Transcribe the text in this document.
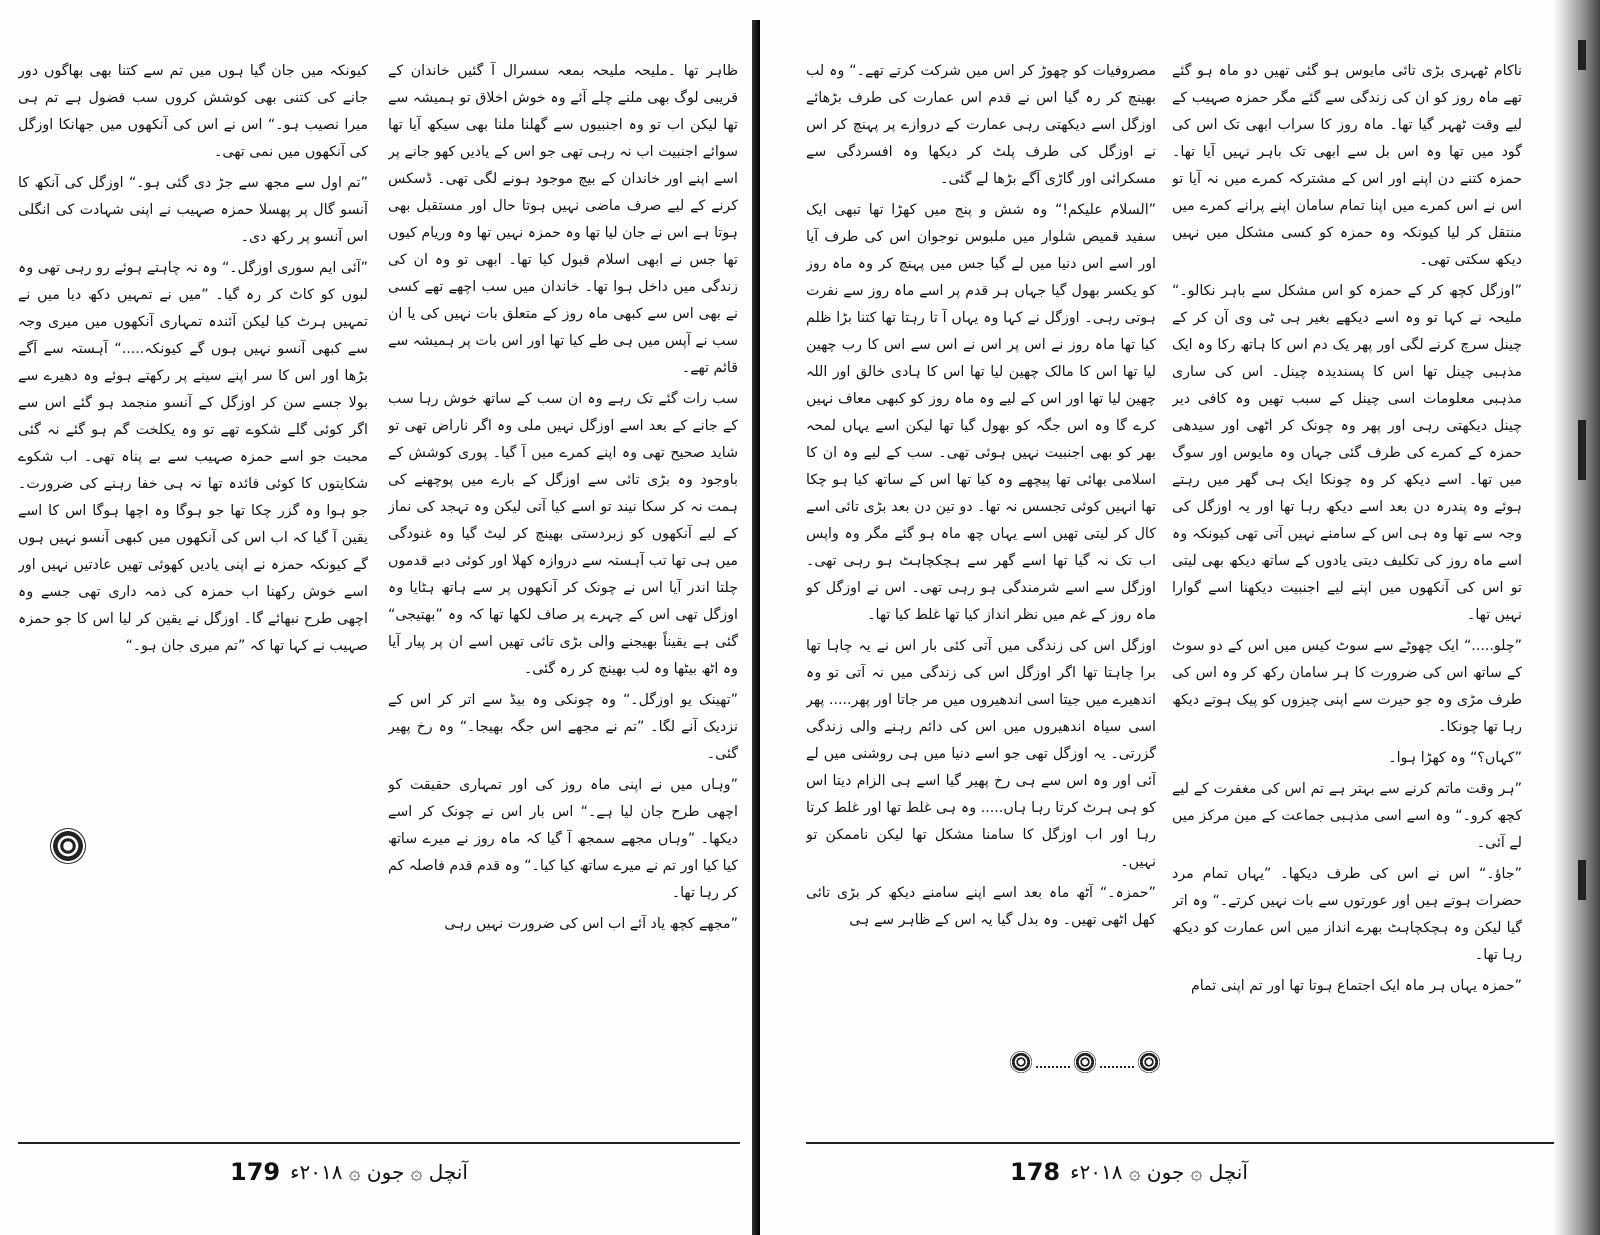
ظاہر تھا ۔ملیحہ ملیحہ بمعہ سسرال آ گئیں خاندان کے قریبی لوگ بھی ملنے چلے آئے وہ خوش اخلاق تو ہمیشہ سے تھا لیکن اب تو وہ اجنبیوں سے گھلنا ملنا بھی سیکھ آیا تھا سوائے اجنبیت اب نہ رہی تھی جو اس کے یادیں کھو جانے پر اسے اپنے اور خاندان کے بیچ موجود ہونے لگی تھی۔ ڈسکس کرنے کے لیے صرف ماضی نہیں ہوتا حال اور مستقبل بھی ہوتا ہے اس نے جان لیا تھا وہ حمزہ نہیں تھا وہ وریام کیوں تھا جس نے ابھی اسلام قبول کیا تھا۔ ابھی تو وہ ان کی زندگی میں داخل ہوا تھا۔ خاندان میں سب اچھے تھے کسی نے بھی اس سے کبھی ماہ روز کے متعلق بات نہیں کی یا ان سب نے آپس میں ہی طے کیا تھا اور اس بات پر ہمیشہ سے قائم تھے۔

سب رات گئے تک رہے وہ ان سب کے ساتھ خوش رہا سب کے جانے کے بعد اسے اوزگل نہیں ملی وہ اگر ناراض تھی تو شاید صحیح تھی وہ اپنے کمرے میں آ گیا۔ پوری کوشش کے باوجود وہ بڑی تائی سے اوزگل کے بارے میں پوچھنے کی ہمت نہ کر سکا نیند تو اسے کیا آتی لیکن وہ تہجد کی نماز کے لیے آنکھوں کو زبردستی بھینچ کر لیٹ گیا وہ غنودگی میں ہی تھا تب آہستہ سے دروازہ کھلا اور کوئی دبے قدموں چلتا اندر آیا اس نے چونک کر آنکھوں پر سے ہاتھ ہٹایا وہ اوزگل تھی اس کے چہرے پر صاف لکھا تھا کہ وہ ”بھتیجی“ گئی ہے یقیناً بھیجنے والی بڑی تائی تھیں اسے ان پر پیار آیا وہ اٹھ بیٹھا وہ لب بھینچ کر رہ گئی۔

”تھینک یو اوزگل۔“ وہ چونکی وہ بیڈ سے اتر کر اس کے نزدیک آنے لگا۔ ”تم نے مجھے اس جگہ بھیجا۔“ وہ رخ پھیر گئی۔

”وہاں میں نے اپنی ماہ روز کی اور تمہاری حقیقت کو اچھی طرح جان لیا ہے۔“ اس بار اس نے چونک کر اسے دیکھا۔ ”وہاں مجھے سمجھ آ گیا کہ ماہ روز نے میرے ساتھ کیا کیا اور تم نے میرے ساتھ کیا کیا۔“ وہ قدم قدم فاصلہ کم کر رہا تھا۔

”مجھے کچھ یاد آئے اب اس کی ضرورت نہیں رہی

کیونکہ میں جان گیا ہوں میں تم سے کتنا بھی بھاگوں دور جانے کی کتنی بھی کوشش کروں سب فضول ہے تم ہی میرا نصیب ہو۔“ اس نے اس کی آنکھوں میں جھانکا اوزگل کی آنکھوں میں نمی تھی۔

”تم اول سے مجھ سے جڑ دی گئی ہو۔“ اوزگل کی آنکھ کا آنسو گال پر پھسلا حمزہ صہیب نے اپنی شہادت کی انگلی اس آنسو پر رکھ دی۔

”آئی ایم سوری اوزگل۔“ وہ نہ چاہتے ہوئے رو رہی تھی وہ لبوں کو کاٹ کر رہ گیا۔ ”میں نے تمہیں دکھ دیا میں نے تمہیں ہرٹ کیا لیکن آئندہ تمہاری آنکھوں میں میری وجہ سے کبھی آنسو نہیں ہوں گے کیونکہ.....“ آہستہ سے آگے بڑھا اور اس کا سر اپنے سینے پر رکھتے ہوئے وہ دھیرے سے بولا جسے سن کر اوزگل کے آنسو منجمد ہو گئے اس سے اگر کوئی گلے شکوے تھے تو وہ یکلخت گم ہو گئے نہ گئی محبت جو اسے حمزہ صہیب سے بے پناہ تھی۔ اب شکوے شکایتوں کا کوئی فائدہ تھا نہ ہی خفا رہنے کی ضرورت۔ جو ہوا وہ گزر چکا تھا جو ہوگا وہ اچھا ہوگا اس کا اسے یقین آ گیا کہ اب اس کی آنکھوں میں کبھی آنسو نہیں ہوں گے کیونکہ حمزہ نے اپنی یادیں کھوئی تھیں عادتیں نہیں اور اسے خوش رکھنا اب حمزہ کی ذمہ داری تھی جسے وہ اچھی طرح نبھائے گا۔ اوزگل نے یقین کر لیا اس کا جو حمزہ صہیب نے کہا تھا کہ ”تم میری جان ہو۔“

179 آنچل ۞ جون ۞ ۲۰۱۸ء

ناکام ٹھہری بڑی تائی مایوس ہو گئی تھیں دو ماہ ہو گئے تھے ماہ روز کو ان کی زندگی سے گئے مگر حمزہ صہیب کے لیے وقت ٹھہر گیا تھا۔ ماہ روز کا سراب ابھی تک اس کی گود میں تھا وہ اس بل سے ابھی تک باہر نہیں آیا تھا۔ حمزہ کتنے دن اپنے اور اس کے مشترکہ کمرے میں نہ آیا تو اس نے اس کمرے میں اپنا تمام سامان اپنے پرانے کمرے میں منتقل کر لیا کیونکہ وہ حمزہ کو کسی مشکل میں نہیں دیکھ سکتی تھی۔

”اوزگل کچھ کر کے حمزہ کو اس مشکل سے باہر نکالو۔“ ملیحہ نے کہا تو وہ اسے دیکھے بغیر ہی ٹی وی آن کر کے چینل سرچ کرنے لگی اور پھر یک دم اس کا ہاتھ رکا وہ ایک مذہبی چینل تھا اس کا پسندیدہ چینل۔ اس کی ساری مذہبی معلومات اسی چینل کے سبب تھیں وہ کافی دیر چینل دیکھتی رہی اور پھر وہ چونک کر اٹھی اور سیدھی حمزہ کے کمرے کی طرف گئی جہاں وہ مایوس اور سوگ میں تھا۔ اسے دیکھ کر وہ چونکا ایک ہی گھر میں رہتے ہوئے وہ پندرہ دن بعد اسے دیکھ رہا تھا اور یہ اوزگل کی وجہ سے تھا وہ ہی اس کے سامنے نہیں آتی تھی کیونکہ وہ اسے ماہ روز کی تکلیف دیتی یادوں کے ساتھ دیکھ بھی لیتی تو اس کی آنکھوں میں اپنے لیے اجنبیت دیکھنا اسے گوارا نہیں تھا۔

”چلو.....“ ایک چھوٹے سے سوٹ کیس میں اس کے دو سوٹ کے ساتھ اس کی ضرورت کا ہر سامان رکھ کر وہ اس کی طرف مڑی وہ جو حیرت سے اپنی چیزوں کو پیک ہوتے دیکھ رہا تھا چونکا۔

”کہاں؟“ وہ کھڑا ہوا۔

”ہر وقت ماتم کرنے سے بہتر ہے تم اس کی مغفرت کے لیے کچھ کرو۔“ وہ اسے اسی مذہبی جماعت کے مین مرکز میں لے آئی۔

”جاؤ۔“ اس نے اس کی طرف دیکھا۔ ”یہاں تمام مرد حضرات ہوتے ہیں اور عورتوں سے بات نہیں کرتے۔“ وہ اتر گیا لیکن وہ ہچکچاہٹ بھرے انداز میں اس عمارت کو دیکھ رہا تھا۔

”حمزہ یہاں ہر ماہ ایک اجتماع ہوتا تھا اور تم اپنی تمام

مصروفیات کو چھوڑ کر اس میں شرکت کرتے تھے۔“ وہ لب بھینچ کر رہ گیا اس نے قدم اس عمارت کی طرف بڑھائے اوزگل اسے دیکھتی رہی عمارت کے دروازے پر پہنچ کر اس نے اوزگل کی طرف پلٹ کر دیکھا وہ افسردگی سے مسکرائی اور گاڑی آگے بڑھا لے گئی۔

”السلام علیکم!“ وہ شش و پنج میں کھڑا تھا تبھی ایک سفید قمیص شلوار میں ملبوس نوجوان اس کی طرف آیا اور اسے اس دنیا میں لے گیا جس میں پہنچ کر وہ ماہ روز کو یکسر بھول گیا جہاں ہر قدم پر اسے ماہ روز سے نفرت ہوتی رہی۔ اوزگل نے کہا وہ یہاں آ تا رہتا تھا کتنا بڑا ظلم کیا تھا ماہ روز نے اس پر اس نے اس سے اس کا رب چھین لیا تھا اس کا مالک چھین لیا تھا اس کا ہادی خالق اور اللہ چھین لیا تھا اور اس کے لیے وہ ماہ روز کو کبھی معاف نہیں کرے گا وہ اس جگہ کو بھول گیا تھا لیکن اسے یہاں لمحہ بھر کو بھی اجنبیت نہیں ہوئی تھی۔ سب کے لیے وہ ان کا اسلامی بھائی تھا پیچھے وہ کیا تھا اس کے ساتھ کیا ہو چکا تھا انہیں کوئی تجسس نہ تھا۔ دو تین دن بعد بڑی تائی اسے کال کر لیتی تھیں اسے یہاں چھ ماہ ہو گئے مگر وہ واپس اب تک نہ گیا تھا اسے گھر سے ہچکچاہٹ ہو رہی تھی۔ اوزگل سے اسے شرمندگی ہو رہی تھی۔ اس نے اوزگل کو ماہ روز کے غم میں نظر انداز کیا تھا غلط کیا تھا۔

اوزگل اس کی زندگی میں آتی کئی بار اس نے یہ چاہا تھا برا چاہتا تھا اگر اوزگل اس کی زندگی میں نہ آتی تو وہ اندھیرے میں جیتا اسی اندھیروں میں مر جاتا اور پھر..... پھر اسی سیاہ اندھیروں میں اس کی دائم رہنے والی زندگی گزرتی۔ یہ اوزگل تھی جو اسے دنیا میں ہی روشنی میں لے آئی اور وہ اس سے ہی رخ پھیر گیا اسے ہی الزام دیتا اس کو ہی ہرٹ کرتا رہا ہاں..... وہ ہی غلط تھا اور غلط کرتا رہا اور اب اوزگل کا سامنا مشکل تھا لیکن ناممکن تو نہیں۔

”حمزہ۔“ آٹھ ماہ بعد اسے اپنے سامنے دیکھ کر بڑی تائی کھل اٹھی تھیں۔ وہ بدل گیا یہ اس کے ظاہر سے ہی

178 آنچل ۞ جون ۞ ۲۰۱۸ء
